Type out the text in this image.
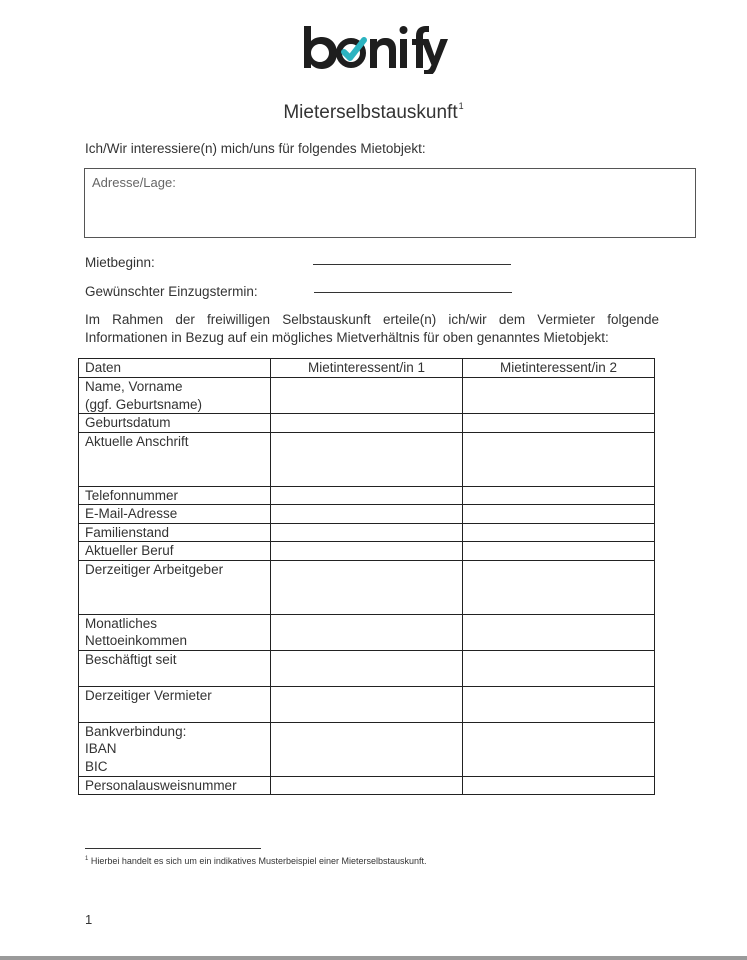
Mieterselbstauskunft$^1$
Ich/Wir interessiere(n) mich/uns für folgendes Mietobjekt:
Adresse/Lage:
Mietbeginn:
Gewünschter Einzugstermin:
Im Rahmen der freiwilligen Selbstauskunft erteile(n) ich/wir dem Vermieter folgende Informationen in Bezug auf ein mögliches Mietverhältnis für oben genanntes Mietobjekt:
Daten	Mietinteressent/in 1	Mietinteressent/in 2
Name, Vorname
(ggf. Geburtsname)		
Geburtsdatum		
Aktuelle Anschrift		
Telefonnummer		
E-Mail-Adresse		
Familienstand		
Aktueller Beruf		
Derzeitiger Arbeitgeber		
Monatliches
Nettoeinkommen		
Beschäftigt seit		
Derzeitiger Vermieter		
Bankverbindung:
IBAN
BIC		
Personalausweisnummer		
$^1$ Hierbei handelt es sich um ein indikatives Musterbeispiel einer Mieterselbstauskunft.
1
